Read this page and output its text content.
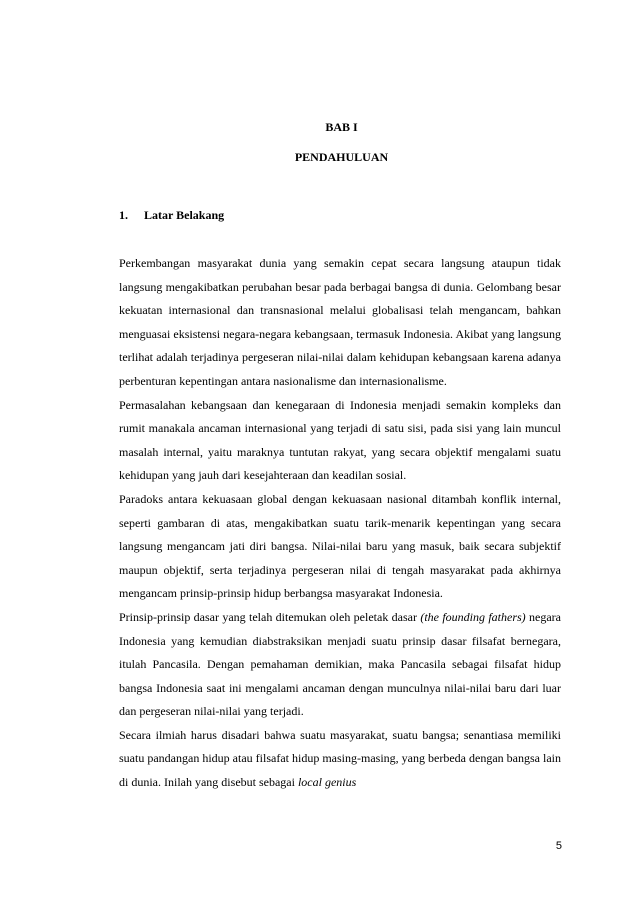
BAB I
PENDAHULUAN
1. Latar Belakang

Perkembangan masyarakat dunia yang semakin cepat secara langsung ataupun tidak langsung mengakibatkan perubahan besar pada berbagai bangsa di dunia. Gelombang besar kekuatan internasional dan transnasional melalui globalisasi telah mengancam, bahkan menguasai eksistensi negara-negara kebangsaan, termasuk Indonesia. Akibat yang langsung terlihat adalah terjadinya pergeseran nilai-nilai dalam kehidupan kebangsaan karena adanya perbenturan kepentingan antara nasionalisme dan internasionalisme.

Permasalahan kebangsaan dan kenegaraan di Indonesia menjadi semakin kompleks dan rumit manakala ancaman internasional yang terjadi di satu sisi, pada sisi yang lain muncul masalah internal, yaitu maraknya tuntutan rakyat, yang secara objektif mengalami suatu kehidupan yang jauh dari kesejahteraan dan keadilan sosial.

Paradoks antara kekuasaan global dengan kekuasaan nasional ditambah konflik internal, seperti gambaran di atas, mengakibatkan suatu tarik-menarik kepentingan yang secara langsung mengancam jati diri bangsa. Nilai-nilai baru yang masuk, baik secara subjektif maupun objektif, serta terjadinya pergeseran nilai di tengah masyarakat pada akhirnya mengancam prinsip-prinsip hidup berbangsa masyarakat Indonesia.

Prinsip-prinsip dasar yang telah ditemukan oleh peletak dasar (the founding fathers) negara Indonesia yang kemudian diabstraksikan menjadi suatu prinsip dasar filsafat bernegara, itulah Pancasila. Dengan pemahaman demikian, maka Pancasila sebagai filsafat hidup bangsa Indonesia saat ini mengalami ancaman dengan munculnya nilai-nilai baru dari luar dan pergeseran nilai-nilai yang terjadi.

Secara ilmiah harus disadari bahwa suatu masyarakat, suatu bangsa; senantiasa memiliki suatu pandangan hidup atau filsafat hidup masing-masing, yang berbeda dengan bangsa lain di dunia. Inilah yang disebut sebagai local genius

5
